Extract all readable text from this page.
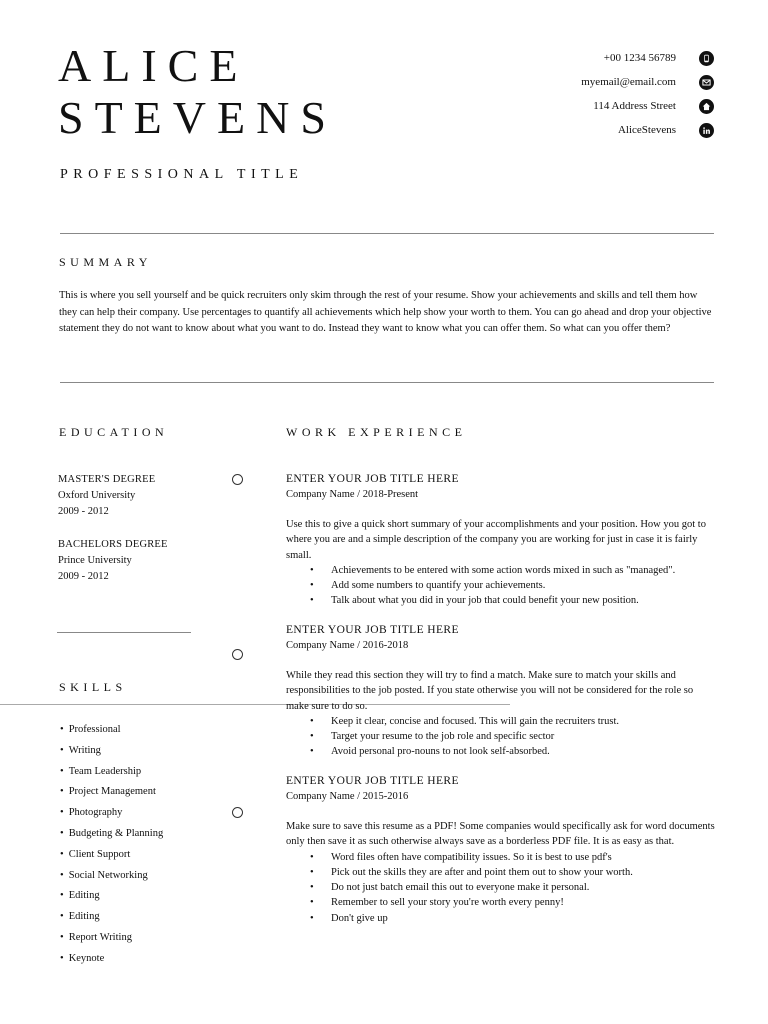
ALICE
STEVENS
PROFESSIONAL TITLE
+00 1234 56789
myemail@email.com
114 Address Street
AliceStevens
SUMMARY
This is where you sell yourself and be quick recruiters only skim through the rest of your resume. Show your achievements and skills and tell them how they can help their company. Use percentages to quantify all achievements which help show your worth to them. You can go ahead and drop your objective statement they do not want to know about what you want to do. Instead they want to know what you can offer them. So what can you offer them?
EDUCATION
MASTER'S DEGREE
Oxford University
2009 - 2012
BACHELORS DEGREE
Prince University
2009 - 2012
SKILLS
• Professional
• Writing
• Team Leadership
• Project Management
• Photography
• Budgeting & Planning
• Client Support
• Social Networking
• Editing
• Editing
• Report Writing
• Keynote
WORK EXPERIENCE
ENTER YOUR JOB TITLE HERE
Company Name / 2018-Present
Use this to give a quick short summary of your accomplishments and your position. How you got to where you are and a simple description of the company you are working for just in case it is fairly small.
• Achievements to be entered with some action words mixed in such as "managed".
• Add some numbers to quantify your achievements.
• Talk about what you did in your job that could benefit your new position.
ENTER YOUR JOB TITLE HERE
Company Name / 2016-2018
While they read this section they will try to find a match. Make sure to match your skills and responsibilities to the job posted. If you state otherwise you will not be considered for the role so make sure to do so.
• Keep it clear, concise and focused. This will gain the recruiters trust.
• Target your resume to the job role and specific sector
• Avoid personal pro-nouns to not look self-absorbed.
ENTER YOUR JOB TITLE HERE
Company Name / 2015-2016
Make sure to save this resume as a PDF! Some companies would specifically ask for word documents only then save it as such otherwise always save as a borderless PDF file. It is as easy as that.
• Word files often have compatibility issues. So it is best to use pdf's
• Pick out the skills they are after and point them out to show your worth.
• Do not just batch email this out to everyone make it personal.
• Remember to sell your story you're worth every penny!
• Don't give up
